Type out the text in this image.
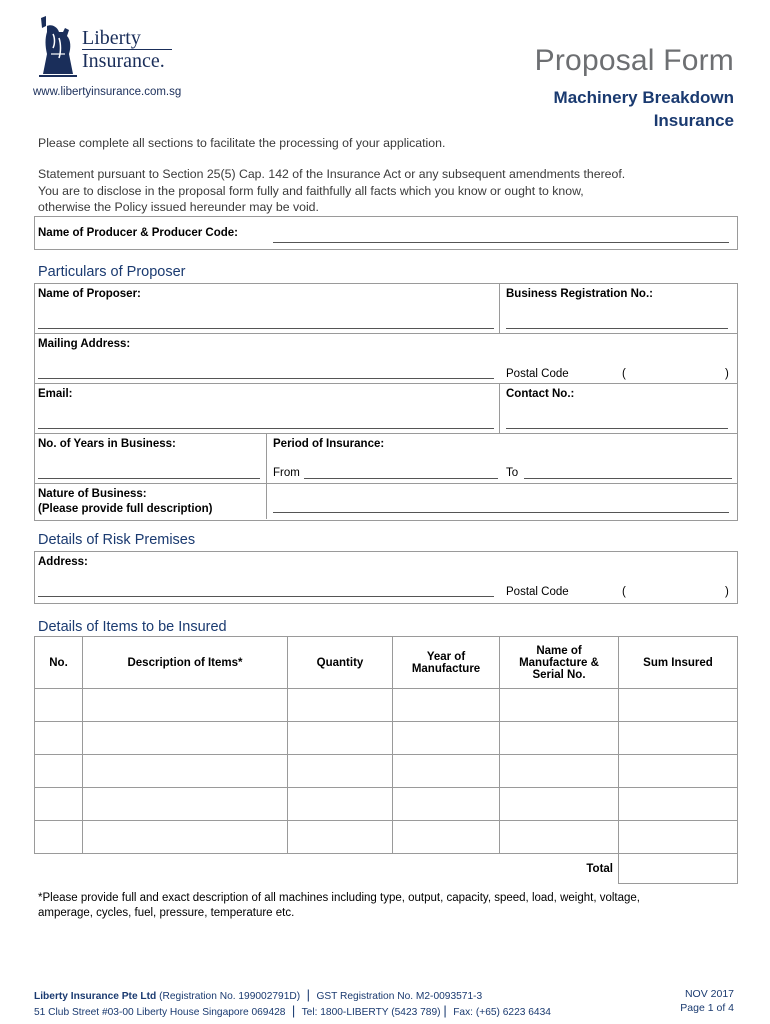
Liberty
Insurance.
www.libertyinsurance.com.sg
Proposal Form
Machinery Breakdown
Insurance
Please complete all sections to facilitate the processing of your application.
Statement pursuant to Section 25(5) Cap. 142 of the Insurance Act or any subsequent amendments thereof.
You are to disclose in the proposal form fully and faithfully all facts which you know or ought to know,
otherwise the Policy issued hereunder may be void.
Name of Producer & Producer Code:
Particulars of Proposer
Name of Proposer:	Business Registration No.:
Mailing Address:
Postal Code	(	)
Email:	Contact No.:
No. of Years in Business:	Period of Insurance:
From	To
Nature of Business:
(Please provide full description)
Details of Risk Premises
Address:
Postal Code	(	)
Details of Items to be Insured
No.	Description of Items*	Quantity	Year of Manufacture	Name of Manufacture & Serial No.	Sum Insured

Total					
*Please provide full and exact description of all machines including type, output, capacity, speed, load, weight, voltage,
amperage, cycles, fuel, pressure, temperature etc.
Liberty Insurance Pte Ltd (Registration No. 199002791D)  |  GST Registration No. M2-0093571-3
51 Club Street #03-00 Liberty House Singapore 069428  |  Tel: 1800-LIBERTY (5423 789) |  Fax: (+65) 6223 6434
NOV 2017
Page 1 of 4
